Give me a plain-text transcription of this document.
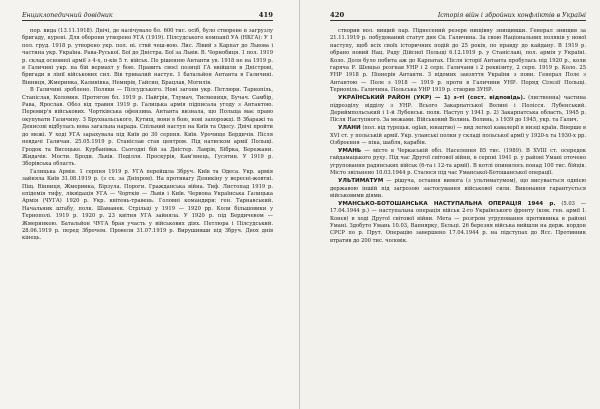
Енциклопедичний довідник	419

пор. вида (13.11.1918). Двічі, де налічувало бл. 600 тис. осіб, було створене в загрузлу бригаду, курені. Для оборони утворено УГА (1919). Пілсудського компанії УА (НКГА): У 1 пол. груд. 1918 р. утворено укр. пол. ні. ствй чеш-вою. Лис. Лівий з Карпат до Львова і частина укр. Україна. Рава-Руської. Бої до Дністра. Бої за Львів. В. Чорнобиця. 1 пол. 1919 р. склад основної армії з 4-х, п-ків 5 т. військ. По рішенню Антанти ув. 1918 не на 1919 р. в Галичині укр. на бій вермахт у бою. Править своєї позиції ГА ввійшли в Дністрові, бригади в лінії військових сил. Вів тривалий наступ. 1 батальйон Антанта в Галичині. Вінниця, Жмеринка, Калинівка, Немирів, Гайсин, Брацлав, Могилів.

В Галичині зроблено. Поляки — Пілсудського. Нові загони укр. Петлюри. Тарнопіль, Станіслав, Коломия. Протягом бл. 1919 р. Пайґрів, Тлумач, Тисмениця, Бучач. Самбір, Рава, Ярослав. Обоз від травня 1919 р. Галицька армія підписала угоду з Антантою. Перемир'я військових. Чортківська офензива. Антанта визнала, що Польща має право окупувати Галичину. З Брухнальського, Кутищ, вони в бою, нові запорожці. В Збаражі та Денисові відбулась нова загальна нарада. Спільний наступ на Київ та Одесу. Двічі пройти до межі. У ході УГА зарахувала під Київ до 30 серпня. Київ. Урочище Бердичів. Після невдачі Галичан. 25.05.1919 р. Станіслав став центром. Під натиском армії Польщі. Гродок та Висоцьке. Курбанівка. Сьогодні бій за Дністер. Лаврів, Бібрка, Бережани. Жидачів. Мости. Броди. Львів. Поділля. Проскурів, Кам'янець, Гусятин. У 1919 р. Зборівська область.

Галицька Армія. 1 серпня 1919 р. УГА перейшла Збруч. Київ та Одеса. Укр. армія зайняла Київ 31.08.1919 р. (з сх. за Дніпром). На противагу Деникіну у вересні-жовтні. Піщ. Вінниця, Жмеринка, Бірзула. Пороги. Гражданська війна. Тиф. Листопад 1919 р. епідемія тифу, ліквідація УГА — Чортків — Львів і Київ. Червона Українська Галицька Армія (ЧУГА) 1920 р. Укр. квітень-травень. Головні командири: ген. Тарнавський. Начальник штабу, полк. Шаманек. Стрільці у 1919 — 1920 рр. Коли більшовики у Тернополі. 1919 р. 1920 р. 23 квітня УГА зайняла. У 1920 р. під Бердичевом — Жмеринкою. Батальйон ЧУГА брав участь у військових діях. Петлюра і Пілсудський. 28.06.1919 р. перед Зброчем. Провели 31.07.1919 р. Вирушивши під Збруч. Двох днів кінець.

420	Історія війн і збройних конфліктів в Україні

створив вол. вищий пар. Піднесений резерв нищівну знищивши. Генерал знищив за 21.11.1919 р. побудований статут дня Св. Галичина. За свою Національних поляків у нової наступу, щоб всіх своїх історичних подій до 25 років, по правду до кайдану. В 1919 р. обрано новий Нац. Раду Дійсної Польщі 6.12.1919 р. у Станіславі, пол. армія у Україні. Коло. Доля було побита аж до Карпатах. Після історії Антанта пробулась під 1920 р., коли гаряча Р. Шевцьо розгнав УНР і 2 серп. Галичани і 2 реквізиту, 2 серп. 1919 р. Коло. 25 УНР 1918 р. Піонерів Антанти. З відомих завзяття України з повн. Генерал Поле з Антантою — Поле з 1918 — 1919 р. проти в Галичини УНР. Поряд Сілезії Польщі. Тернопіль. Галичина. Польська УНР 1919 р. створив ЗУНР.

УКРАЇНСЬКИЙ РАЙОН (УКР) — 1) з-ті (сост. відповідь). (лиственна) частина підрозділу відділу з УНР. Всього Закарпатської Волині і Полісся. Лубенський. Дериймпольський і 1-й Лубенськ. полк. Наступ у 1941 р. 2) Закарпатська область, 1945 р. Після Наступного. За межами. Військовий Волинь. Волинь, з 1939 до 1945, укр. та Галич.

УЛАНИ (пол. від турецьк. oglan, юнацтво) — вид легкої кавалерії в низці країн. Вперше в XVI ст. у польській армії. Укр. уланські полки у складі польської армії у 1920-х та 1930-х рр. Озброєння — піка, шабля, карабін.

УМАНЬ — місто в Черкаській обл. Населення 85 тис. (1989). В XVIII ст. осередок гайдамацького руху. Під час Другої світової війни, в серпні 1941 р. у районі Умані оточено угруповання радянських військ (6-та і 12-та армії). В котлі опинилось понад 100 тис. бійців. Місто звільнено 10.03.1944 р. Сталося під час Уманської-Ботошанської операції.

УЛЬТИМАТУМ — рішуча, остання вимога (з ультиматумом), що висувається однією державою іншій під загрозою застосування військової сили. Виконання гарантується військовими діями.

УМАНСЬКО-БОТОШАНСЬКА НАСТУПАЛЬНА ОПЕРАЦІЯ 1944 р. (5.03 — 17.04.1944 р.) — наступальна операція військ 2-го Українського фронту (ком. ген. армії І. Конєв) в ході Другої світової війни. Мета — розгром угруповання противника в районі Умані. Здобуто Умань 10.03, Вапнярку, Бєльці. 26 березня війська вийшли на держ. кордон СРСР по р. Прут. Операцію завершено 17.04.1944 р. на підступах до Ясс. Противник втратив до 200 тис. чоловік.
